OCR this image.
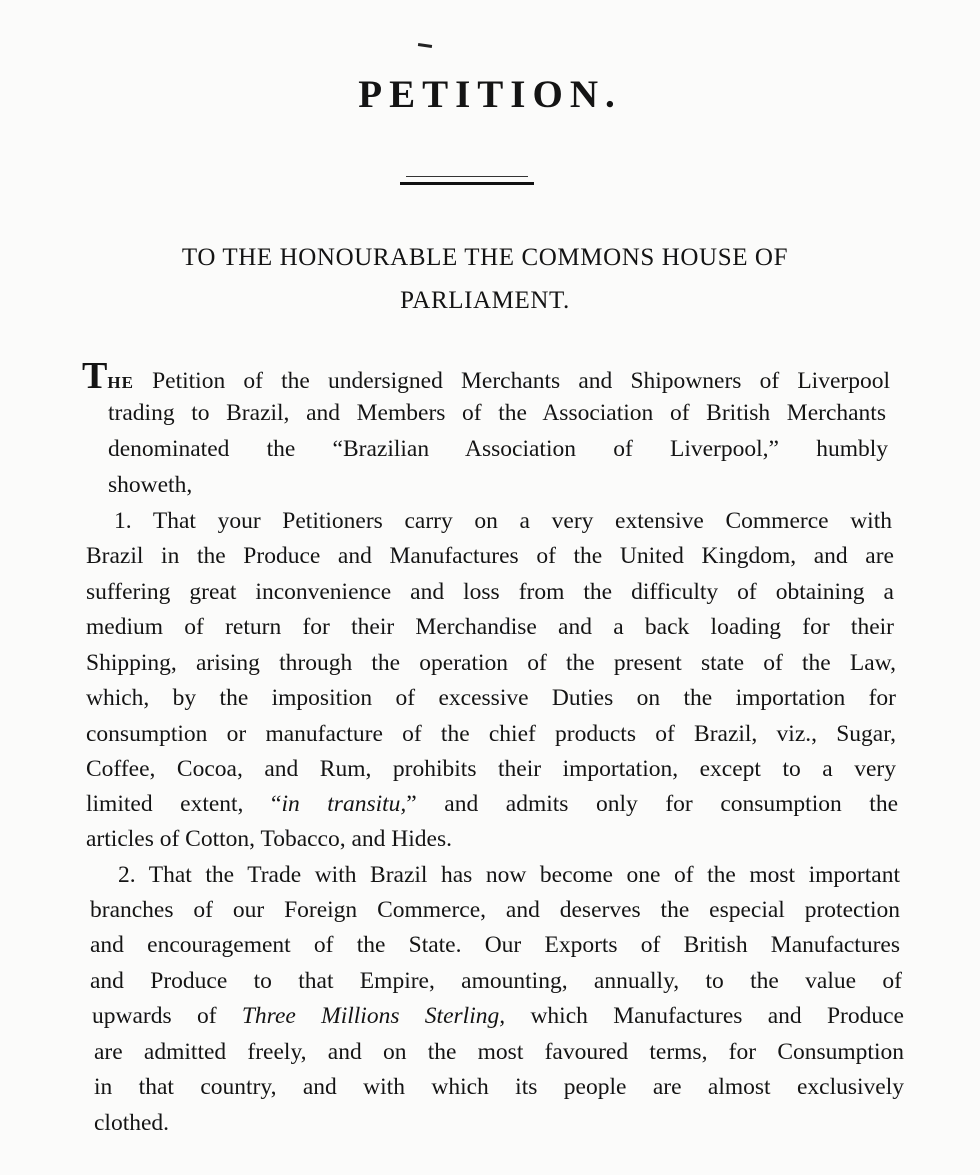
PETITION.
TO THE HONOURABLE THE COMMONS HOUSE OF
PARLIAMENT.
THE Petition of the undersigned Merchants and Shipowners of Liverpool
trading to Brazil, and Members of the Association of British Merchants
denominated the “Brazilian Association of Liverpool,” humbly
showeth,
1. That your Petitioners carry on a very extensive Commerce with
Brazil in the Produce and Manufactures of the United Kingdom, and are
suffering great inconvenience and loss from the difficulty of obtaining a
medium of return for their Merchandise and a back loading for their
Shipping, arising through the operation of the present state of the Law,
which, by the imposition of excessive Duties on the importation for
consumption or manufacture of the chief products of Brazil, viz., Sugar,
Coffee, Cocoa, and Rum, prohibits their importation, except to a very
limited extent, “in transitu,” and admits only for consumption the
articles of Cotton, Tobacco, and Hides.
2. That the Trade with Brazil has now become one of the most important
branches of our Foreign Commerce, and deserves the especial protection
and encouragement of the State. Our Exports of British Manufactures
and Produce to that Empire, amounting, annually, to the value of
upwards of Three Millions Sterling, which Manufactures and Produce
are admitted freely, and on the most favoured terms, for Consumption
in that country, and with which its people are almost exclusively
clothed.
